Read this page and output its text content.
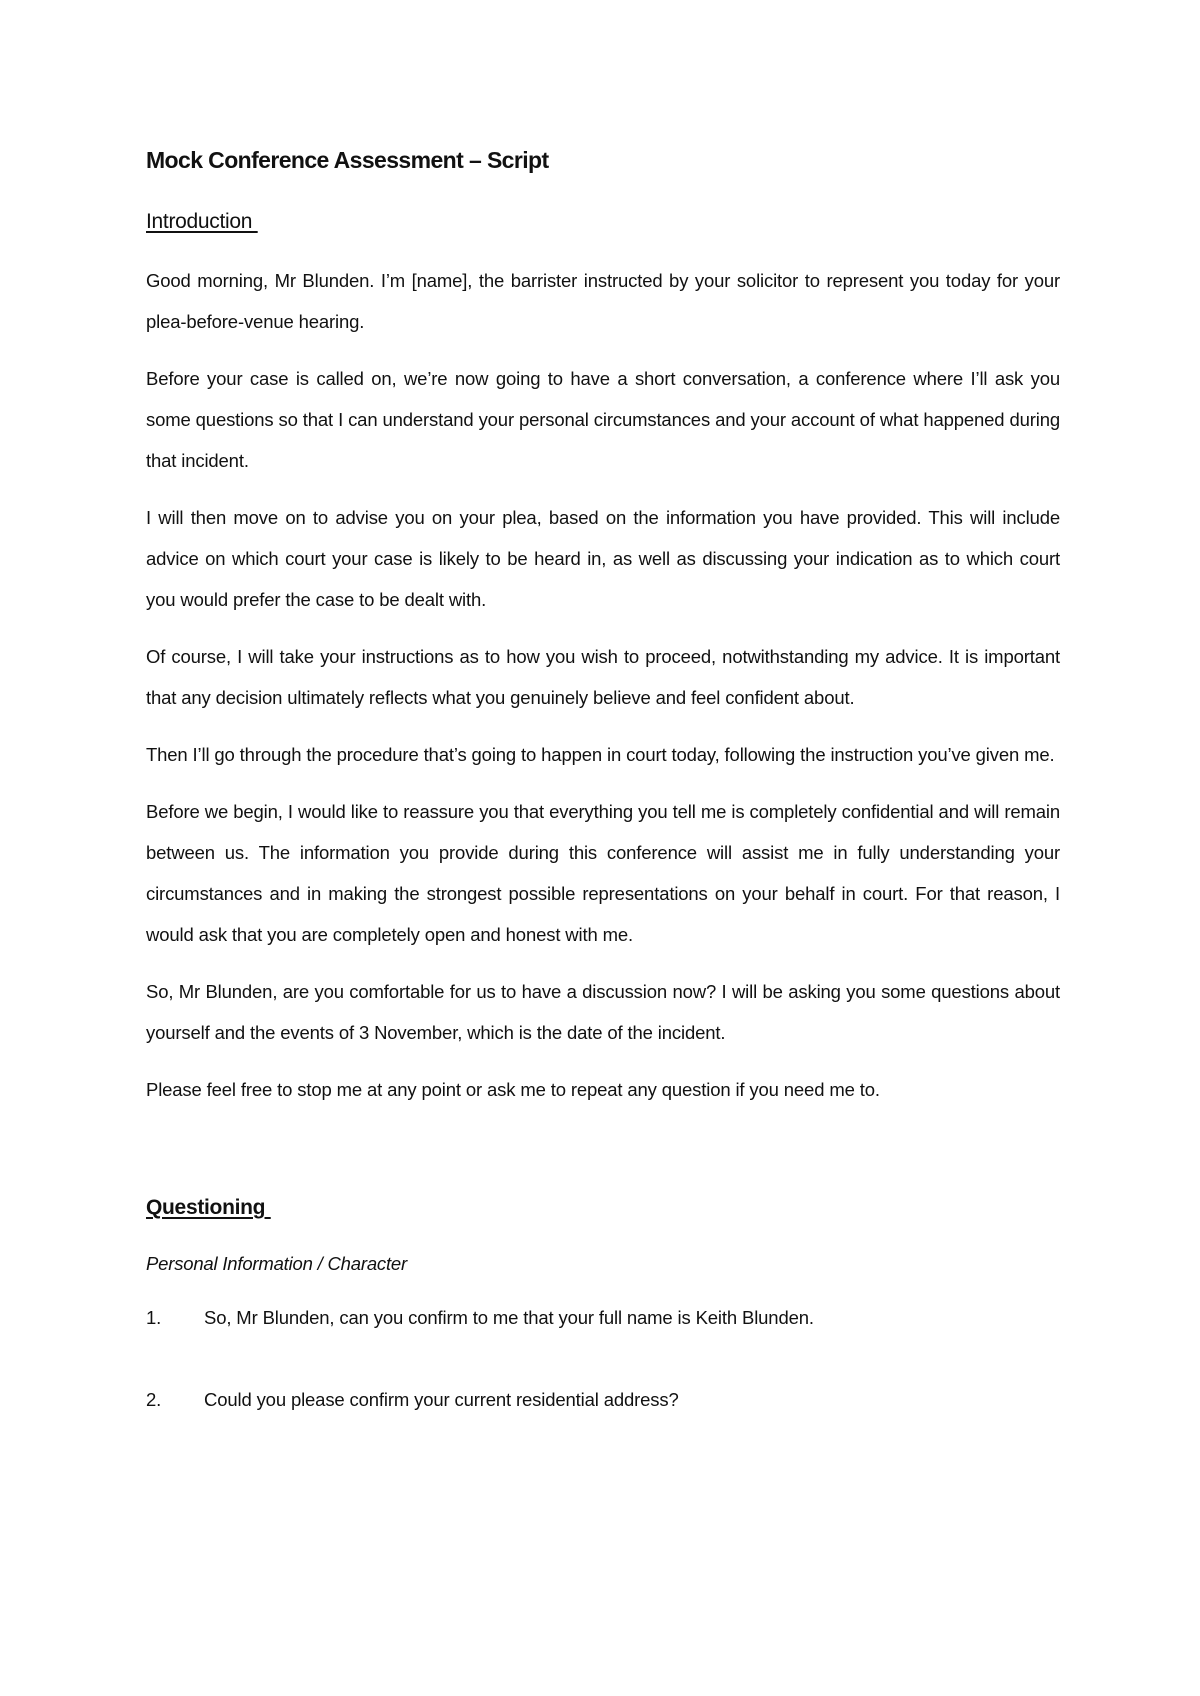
Mock Conference Assessment – Script
Introduction

Good morning, Mr Blunden. I’m [name], the barrister instructed by your solicitor to represent you today for your plea-before-venue hearing.

Before your case is called on, we’re now going to have a short conversation, a conference where I’ll ask you some questions so that I can understand your personal circumstances and your account of what happened during that incident.

I will then move on to advise you on your plea, based on the information you have provided. This will include advice on which court your case is likely to be heard in, as well as discussing your indication as to which court you would prefer the case to be dealt with.

Of course, I will take your instructions as to how you wish to proceed, notwithstanding my advice. It is important that any decision ultimately reflects what you genuinely believe and feel confident about.

Then I’ll go through the procedure that’s going to happen in court today, following the instruction you’ve given me.

Before we begin, I would like to reassure you that everything you tell me is completely confidential and will remain between us. The information you provide during this conference will assist me in fully understanding your circumstances and in making the strongest possible representations on your behalf in court. For that reason, I would ask that you are completely open and honest with me.

So, Mr Blunden, are you comfortable for us to have a discussion now? I will be asking you some questions about yourself and the events of 3 November, which is the date of the incident.

Please feel free to stop me at any point or ask me to repeat any question if you need me to.

Questioning
Personal Information / Character
1.	So, Mr Blunden, can you confirm to me that your full name is Keith Blunden.
2.	Could you please confirm your current residential address?
